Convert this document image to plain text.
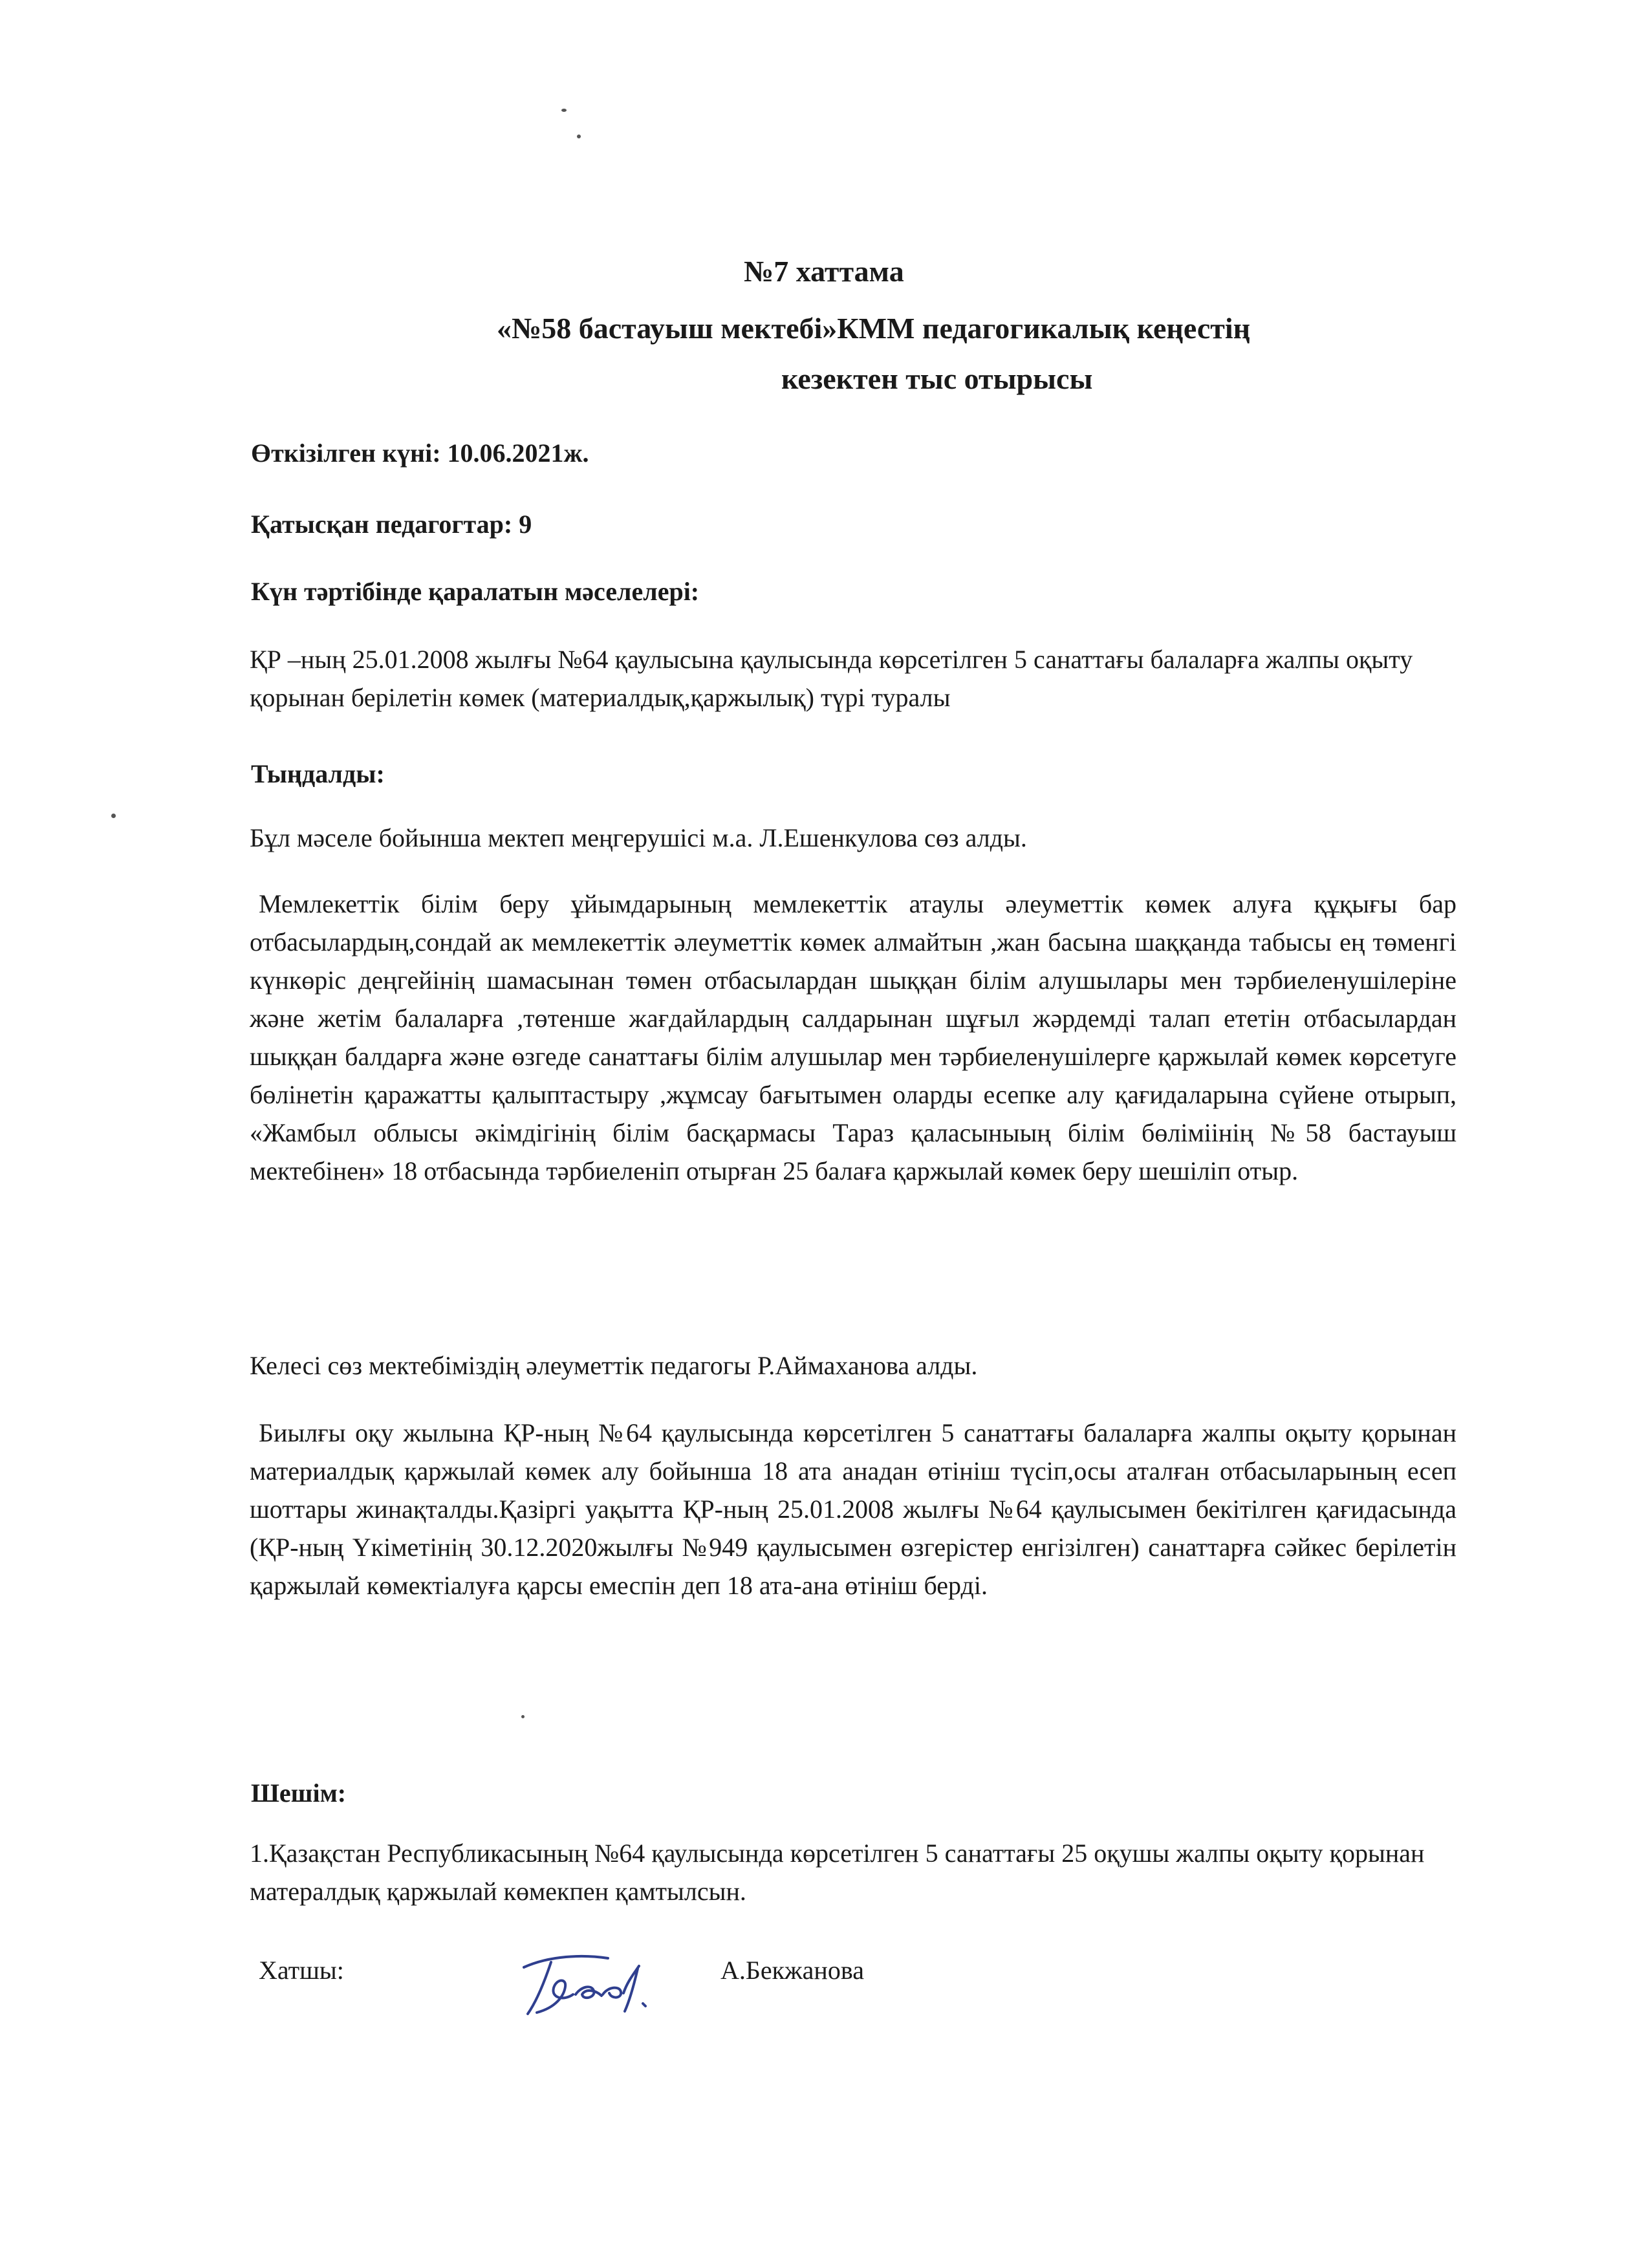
№7 хаттама
«№58 бастауыш мектебі»КММ педагогикалық кеңестің
кезектен тыс отырысы
Өткізілген күні: 10.06.2021ж.
Қатысқан педагогтар: 9
Күн тәртібінде қаралатын мәселелері:
ҚР –ның 25.01.2008 жылғы №64 қаулысына қаулысында көрсетілген 5 санаттағы балаларға жалпы оқыту қорынан берілетін көмек (материалдық,қаржылық) түрі туралы
Тыңдалды:
Бұл мәселе бойынша мектеп меңгерушісі м.а. Л.Ешенкулова сөз алды.
Мемлекеттік білім беру ұйымдарының мемлекеттік атаулы әлеуметтік көмек алуға құқығы бар отбасылардың,сондай ак мемлекеттік әлеуметтік көмек алмайтын ,жан басына шаққанда табысы ең төменгі күнкөріс деңгейінің шамасынан төмен отбасылардан шыққан білім алушылары мен тәрбиеленушілеріне және жетім балаларға ,төтенше жағдайлардың салдарынан шұғыл жәрдемді талап ететін отбасылардан шыққан балдарға және өзгеде санаттағы білім алушылар мен тәрбиеленушілерге қаржылай көмек көрсетуге бөлінетін қаражатты қалыптастыру ,жұмсау бағытымен оларды есепке алу қағидаларына сүйене отырып, «Жамбыл облысы әкімдігінің білім басқармасы Тараз қаласыныың білім бөліміінің №58 бастауыш мектебінен» 18 отбасында тәрбиеленіп отырған 25 балаға қаржылай көмек беру шешіліп отыр.
Келесі сөз мектебіміздің әлеуметтік педагогы Р.Аймаханова алды.
Биылғы оқу жылына ҚР-ның №64 қаулысында көрсетілген 5 санаттағы балаларға жалпы оқыту қорынан материалдық қаржылай көмек алу бойынша 18 ата анадан өтініш түсіп,осы аталған отбасыларының есеп шоттары жинақталды.Қазіргі уақытта ҚР-ның 25.01.2008 жылғы №64 қаулысымен бекітілген қағидасында (ҚР-ның Үкіметінің 30.12.2020жылғы №949 қаулысымен өзгерістер енгізілген) санаттарға сәйкес берілетін қаржылай көмектіалуға қарсы емеспін деп 18 ата-ана өтініш берді.
Шешім:
1.Қазақстан Республикасының №64 қаулысында көрсетілген 5 санаттағы 25 оқушы жалпы оқыту қорынан матералдық қаржылай көмекпен қамтылсын.
Хатшы:	А.Бекжанова
